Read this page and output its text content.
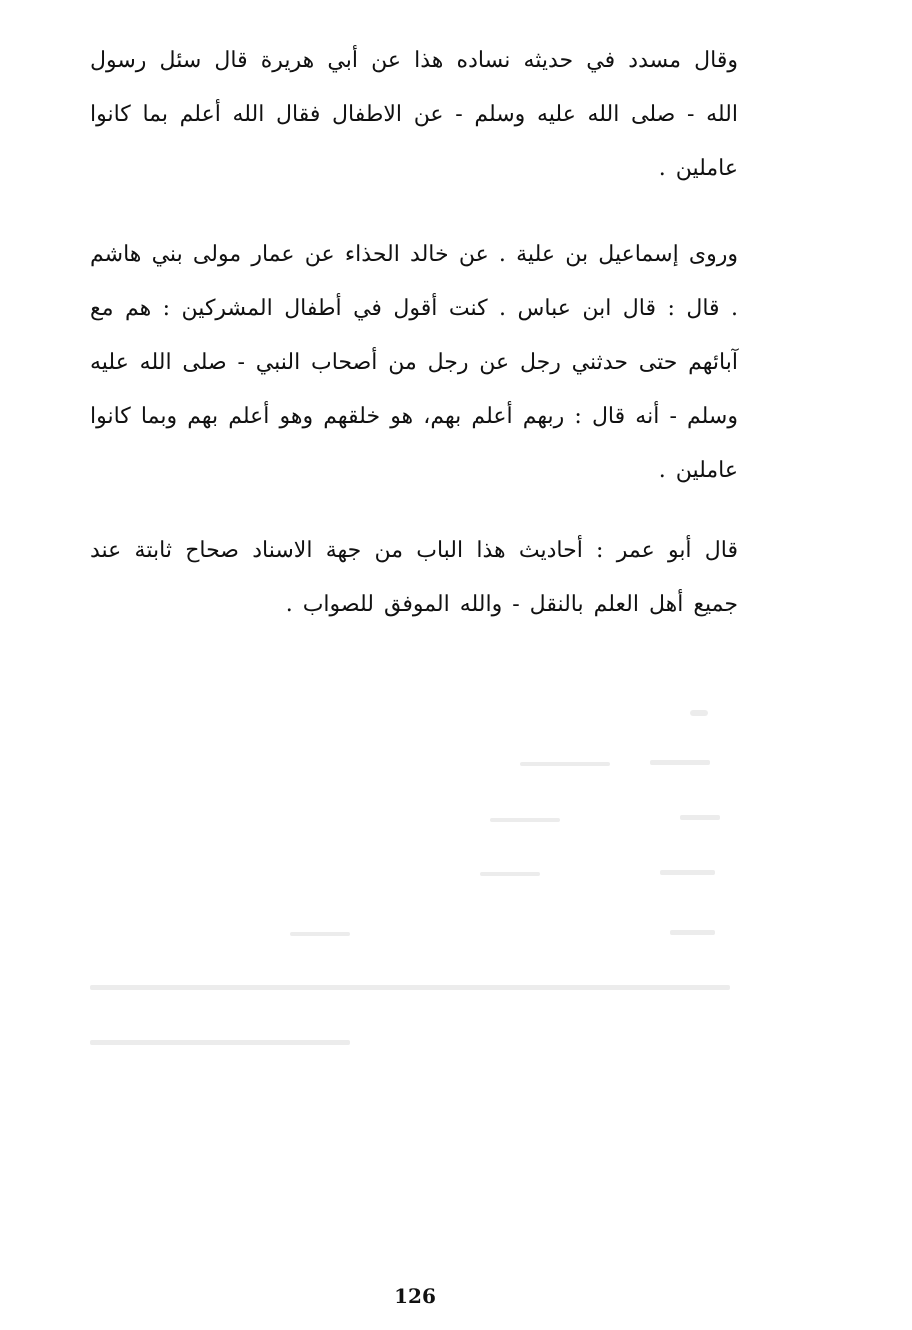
وقال مسدد في حدیثه نساده هذا عن أبي هريرة قال سئل رسول الله - صلى الله عليه وسلم - عن الاطفال فقال الله أعلم بما كانوا عاملين .
وروى إسماعيل بن علية . عن خالد الحذاء عن عمار مولى بني هاشم . قال : قال ابن عباس . كنت أقول في أطفال المشركين : هم مع آبائهم حتى حدثني رجل عن رجل من أصحاب النبي - صلى الله عليه وسلم - أنه قال : ربهم أعلم بهم، هو خلقهم وهو أعلم بهم وبما كانوا عاملين .
قال أبو عمر : أحاديث هذا الباب من جهة الاسناد صحاح ثابتة عند جميع أهل العلم بالنقل - والله الموفق للصواب .
126
